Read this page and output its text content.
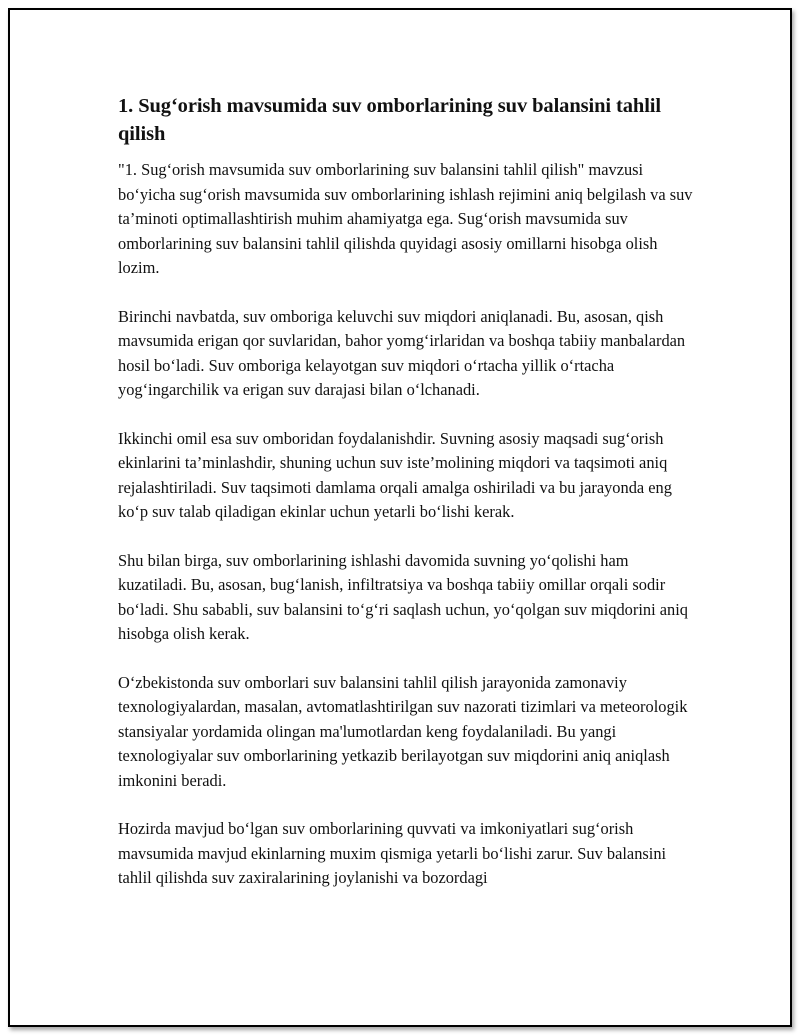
1. Sug‘orish mavsumida suv omborlarining suv balansini tahlil qilish

"1. Sug‘orish mavsumida suv omborlarining suv balansini tahlil qilish" mavzusi bo‘yicha sug‘orish mavsumida suv omborlarining ishlash rejimini aniq belgilash va suv ta’minoti optimallashtirish muhim ahamiyatga ega. Sug‘orish mavsumida suv omborlarining suv balansini tahlil qilishda quyidagi asosiy omillarni hisobga olish lozim.

Birinchi navbatda, suv omboriga keluvchi suv miqdori aniqlanadi. Bu, asosan, qish mavsumida erigan qor suvlaridan, bahor yomg‘irlaridan va boshqa tabiiy manbalardan hosil bo‘ladi. Suv omboriga kelayotgan suv miqdori o‘rtacha yillik o‘rtacha yog‘ingarchilik va erigan suv darajasi bilan o‘lchanadi.

Ikkinchi omil esa suv omboridan foydalanishdir. Suvning asosiy maqsadi sug‘orish ekinlarini ta’minlashdir, shuning uchun suv iste’molining miqdori va taqsimoti aniq rejalashtiriladi. Suv taqsimoti damlama orqali amalga oshiriladi va bu jarayonda eng ko‘p suv talab qiladigan ekinlar uchun yetarli bo‘lishi kerak.

Shu bilan birga, suv omborlarining ishlashi davomida suvning yo‘qolishi ham kuzatiladi. Bu, asosan, bug‘lanish, infiltratsiya va boshqa tabiiy omillar orqali sodir bo‘ladi. Shu sababli, suv balansini to‘g‘ri saqlash uchun, yo‘qolgan suv miqdorini aniq hisobga olish kerak.

O‘zbekistonda suv omborlari suv balansini tahlil qilish jarayonida zamonaviy texnologiyalardan, masalan, avtomatlashtirilgan suv nazorati tizimlari va meteorologik stansiyalar yordamida olingan ma'lumotlardan keng foydalaniladi. Bu yangi texnologiyalar suv omborlarining yetkazib berilayotgan suv miqdorini aniq aniqlash imkonini beradi.

Hozirda mavjud bo‘lgan suv omborlarining quvvati va imkoniyatlari sug‘orish mavsumida mavjud ekinlarning muxim qismiga yetarli bo‘lishi zarur. Suv balansini tahlil qilishda suv zaxiralarining joylanishi va bozordagi
